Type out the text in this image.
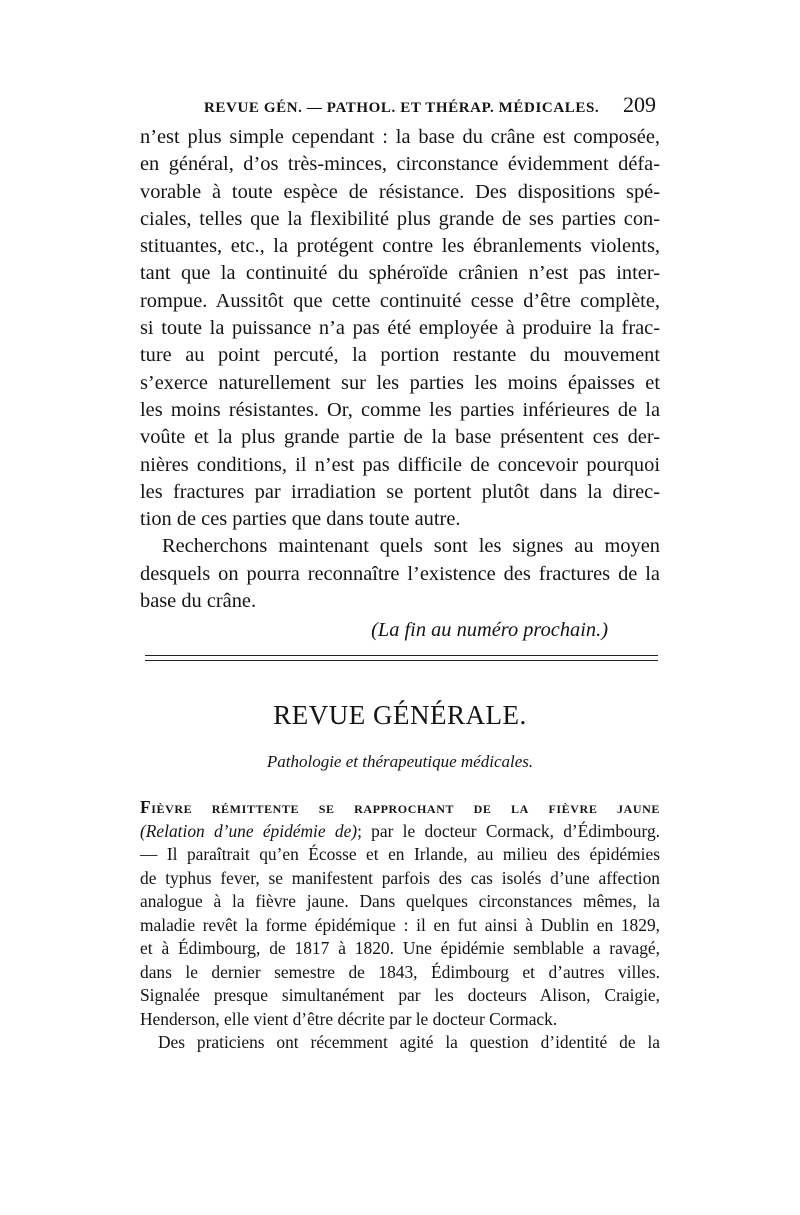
REVUE GÉN. — PATHOL. ET THÉRAP. MÉDICALES. 209

n’est plus simple cependant : la base du crâne est composée,

en général, d’os très-minces, circonstance évidemment défa-

vorable à toute espèce de résistance. Des dispositions spé-

ciales, telles que la flexibilité plus grande de ses parties con-

stituantes, etc., la protégent contre les ébranlements violents,

tant que la continuité du sphéroïde crânien n’est pas inter-

rompue. Aussitôt que cette continuité cesse d’être complète,

si toute la puissance n’a pas été employée à produire la frac-

ture au point percuté, la portion restante du mouvement

s’exerce naturellement sur les parties les moins épaisses et

les moins résistantes. Or, comme les parties inférieures de la

voûte et la plus grande partie de la base présentent ces der-

nières conditions, il n’est pas difficile de concevoir pourquoi

les fractures par irradiation se portent plutôt dans la direc-

tion de ces parties que dans toute autre.

Recherchons maintenant quels sont les signes au moyen

desquels on pourra reconnaître l’existence des fractures de la

base du crâne.

(La fin au numéro prochain.)
REVUE GÉNÉRALE.
Pathologie et thérapeutique médicales.

Fièvre rémittente se rapprochant de la fièvre jaune

(Relation d’une épidémie de); par le docteur Cormack, d’Édimbourg.

— Il paraîtrait qu’en Écosse et en Irlande, au milieu des épidémies

de typhus fever, se manifestent parfois des cas isolés d’une affection

analogue à la fièvre jaune. Dans quelques circonstances mêmes, la

maladie revêt la forme épidémique : il en fut ainsi à Dublin en 1829,

et à Édimbourg, de 1817 à 1820. Une épidémie semblable a ravagé,

dans le dernier semestre de 1843, Édimbourg et d’autres villes.

Signalée presque simultanément par les docteurs Alison, Craigie,

Henderson, elle vient d’être décrite par le docteur Cormack.

Des praticiens ont récemment agité la question d’identité de la
